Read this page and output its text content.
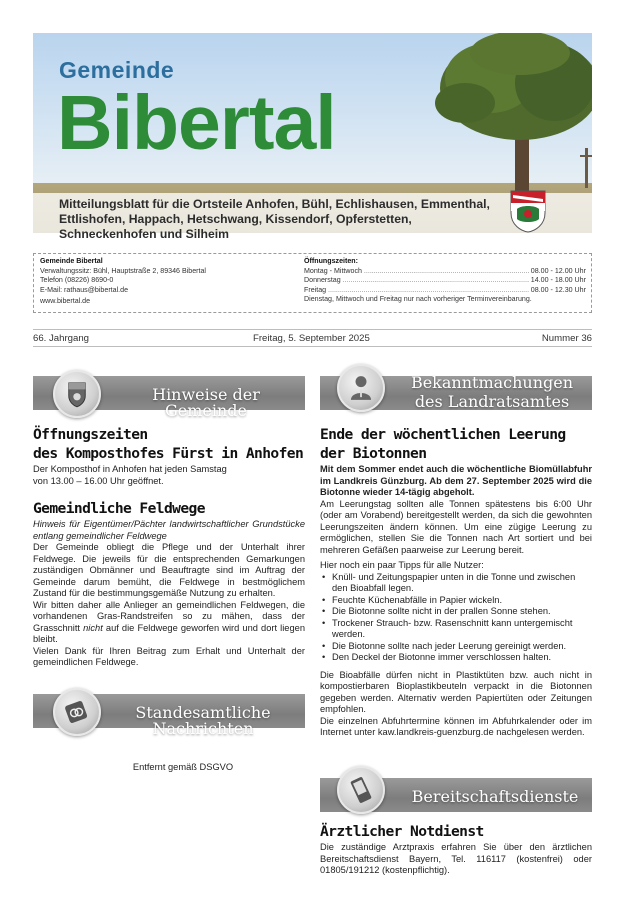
Gemeinde
Bibertal
Mitteilungsblatt für die Ortsteile Anhofen, Bühl, Echlishausen, Emmenthal, Ettlishofen, Happach, Hetschwang, Kissendorf, Opferstetten, Schneckenhofen und Silheim
Gemeinde Bibertal
Verwaltungssitz: Bühl, Hauptstraße 2, 89346 Bibertal
Telefon (08226) 8690-0
E-Mail: rathaus@bibertal.de
www.bibertal.de
Öffnungszeiten:
Montag - Mittwoch .....	08.00 - 12.00 Uhr
Donnerstag .....	14.00 - 18.00 Uhr
Freitag .....	08.00 - 12.30 Uhr
Dienstag, Mittwoch und Freitag nur nach vorheriger Terminvereinbarung.
66. Jahrgang	Freitag, 5. September 2025	Nummer 36
Hinweise der Gemeinde
Öffnungszeiten
des Komposthofes Fürst in Anhofen

Der Komposthof in Anhofen hat jeden Samstag

von 13.00 – 16.00 Uhr geöffnet.

Gemeindliche Feldwege

Hinweis für Eigentümer/Pächter landwirtschaftlicher Grundstücke entlang gemeindlicher Feldwege

Der Gemeinde obliegt die Pflege und der Unterhalt ihrer Feldwege. Die jeweils für die entsprechenden Gemarkungen zuständigen Obmänner und Beauftragte sind im Auftrag der Gemeinde darum bemüht, die Feldwege in bestmöglichem Zustand für die bestimmungsgemäße Nutzung zu erhalten.

Wir bitten daher alle Anlieger an gemeindlichen Feldwegen, die vorhandenen Gras-Randstreifen so zu mähen, dass der Grasschnitt nicht auf die Feldwege geworfen wird und dort liegen bleibt.

Vielen Dank für Ihren Beitrag zum Erhalt und Unterhalt der gemeindlichen Feldwege.

Standesamtliche Nachrichten
Entfernt gemäß DSGVO
Bekanntmachungen
des Landratsamtes
Ende der wöchentlichen Leerung
der Biotonnen

Mit dem Sommer endet auch die wöchentliche Biomüllabfuhr im Landkreis Günzburg. Ab dem 27. September 2025 wird die Biotonne wieder 14-tägig abgeholt.

Am Leerungstag sollten alle Tonnen spätestens bis 6:00 Uhr (oder am Vorabend) bereitgestellt werden, da sich die gewohnten Leerungszeiten ändern können. Um eine zügige Leerung zu ermöglichen, stellen Sie die Tonnen nach Art sortiert und bei mehreren Gefäßen paarweise zur Leerung bereit.

Hier noch ein paar Tipps für alle Nutzer:

• Knüll- und Zeitungspapier unten in die Tonne und zwischen den Bioabfall legen.
• Feuchte Küchenabfälle in Papier wickeln.
• Die Biotonne sollte nicht in der prallen Sonne stehen.
• Trockener Strauch- bzw. Rasenschnitt kann untergemischt werden.
• Die Biotonne sollte nach jeder Leerung gereinigt werden.
• Den Deckel der Biotonne immer verschlossen halten.

Die Bioabfälle dürfen nicht in Plastiktüten bzw. auch nicht in kompostierbaren Bioplastikbeuteln verpackt in die Biotonnen gegeben werden. Alternativ werden Papiertüten oder Zeitungen empfohlen.

Die einzelnen Abfuhrtermine können im Abfuhrkalender oder im Internet unter kaw.landkreis-guenzburg.de nachgelesen werden.

Bereitschaftsdienste
Ärztlicher Notdienst

Die zuständige Arztpraxis erfahren Sie über den ärztlichen Bereitschaftsdienst Bayern, Tel. 116117 (kostenfrei) oder 01805/191212 (kostenpflichtig).
